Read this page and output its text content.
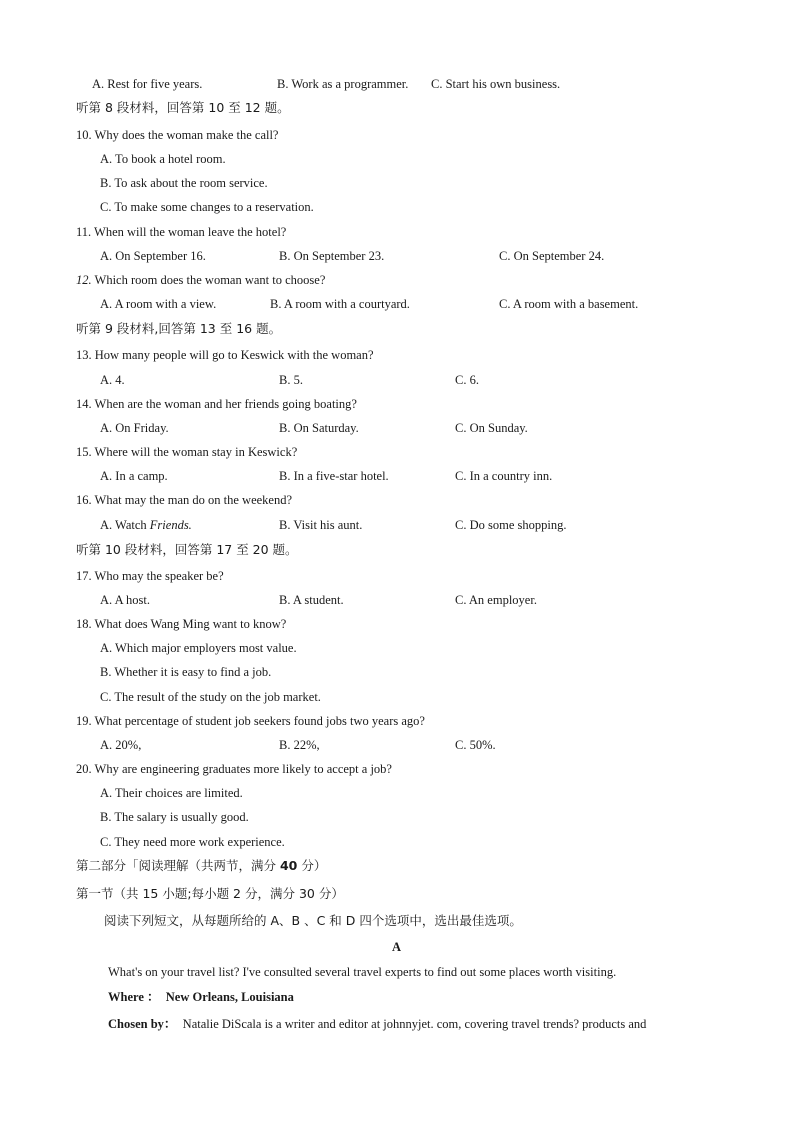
A. Rest for five years.	B. Work as a programmer. C. Start his own business.
听第 8 段材料，回答第 10 至 12 题。
10. Why does the woman make the call?
A. To book a hotel room.
B. To ask about the room service.
C. To make some changes to a reservation.
11. When will the woman leave the hotel?
A. On September 16.	B. On September 23.	C. On September 24.
12. Which room does the woman want to choose?
A. A room with a view.	B. A room with a courtyard.	C. A room with a basement.
听第 9 段材料,回答第 13 至 16 题。
13. How many people will go to Keswick with the woman?
A. 4.	B. 5.	C. 6.
14. When are the woman and her friends going boating?
A. On Friday.	B. On Saturday.	C. On Sunday.
15. Where will the woman stay in Keswick?
A. In a camp.	B. In a five-star hotel.	C. In a country inn.
16. What may the man do on the weekend?
A. Watch Friends.	B. Visit his aunt.	C. Do some shopping.
听第 10 段材料，回答第 17 至 20 题。
17. Who may the speaker be?
A. A host.	B. A student.	C. An employer.
18. What does Wang Ming want to know?
A. Which major employers most value.
B. Whether it is easy to find a job.
C. The result of the study on the job market.
19. What percentage of student job seekers found jobs two years ago?
A. 20%,	B. 22%,	C. 50%.
20. Why are engineering graduates more likely to accept a job?
A. Their choices are limited.
B. The salary is usually good.
C. They need more work experience.
第二部分「阅读理解（共两节，满分 40 分）
第一节（共 15 小题;每小题 2 分，满分 30 分）
阅读下列短文，从每题所给的 A、B 、C 和 D 四个选项中，选出最佳选项。
A
What's on your travel list? I've consulted several travel experts to find out some places worth visiting.
Where ： New Orleans, Louisiana
Chosen by： Natalie DiScala is a writer and editor at johnnyjet. com, covering travel trends? products and
